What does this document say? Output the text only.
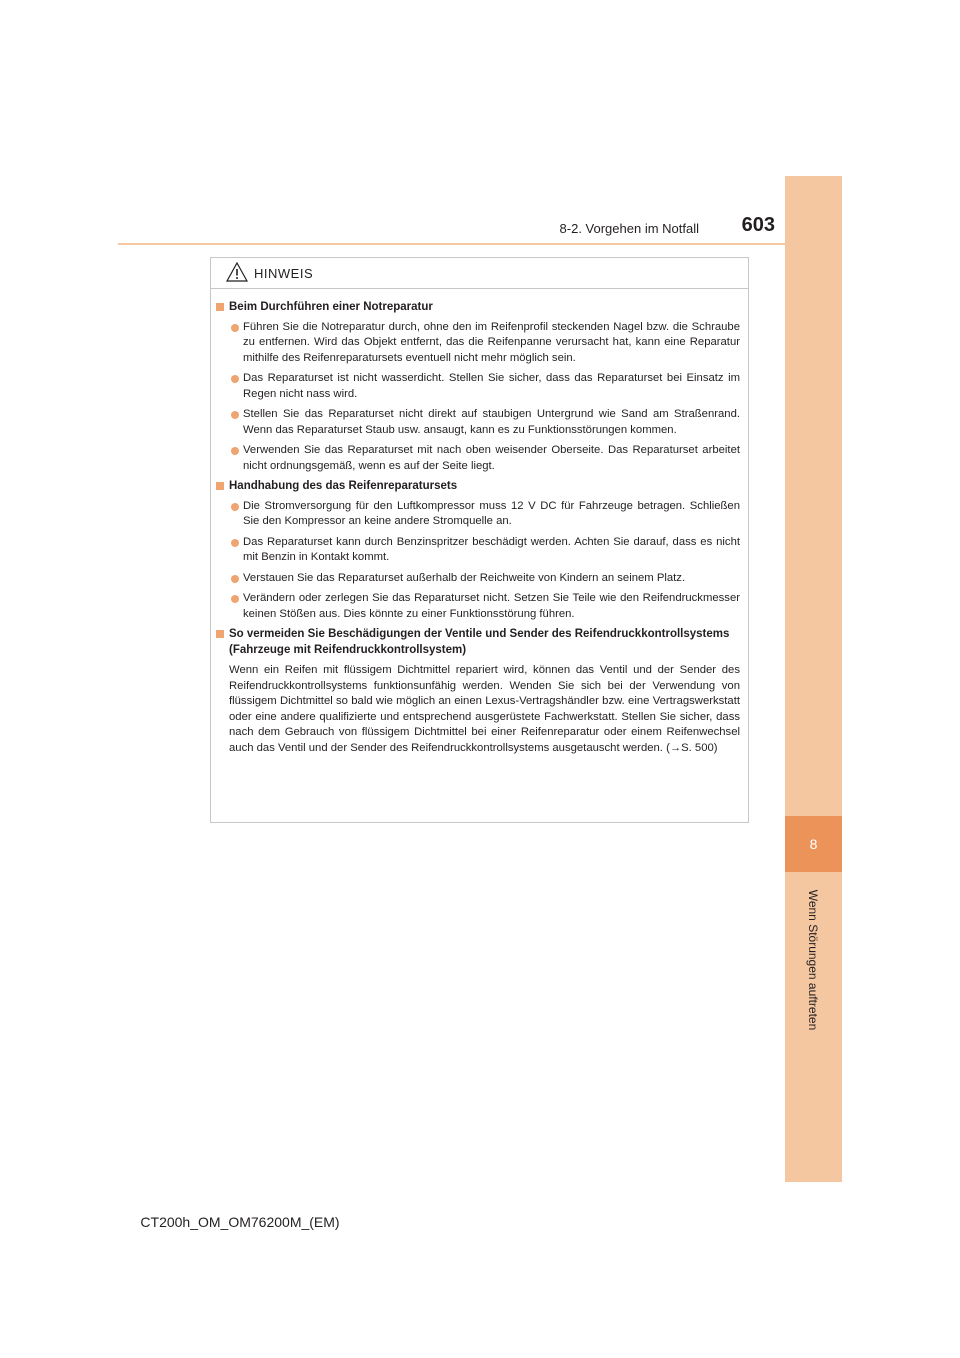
8
Wenn Störungen auftreten
8-2. Vorgehen im Notfall	603
HINWEIS
Beim Durchführen einer Notreparatur
Führen Sie die Notreparatur durch, ohne den im Reifenprofil steckenden Nagel bzw. die Schraube zu entfernen. Wird das Objekt entfernt, das die Reifenpanne verursacht hat, kann eine Reparatur mithilfe des Reifenreparatursets eventuell nicht mehr möglich sein.
Das Reparaturset ist nicht wasserdicht. Stellen Sie sicher, dass das Reparaturset bei Einsatz im Regen nicht nass wird.
Stellen Sie das Reparaturset nicht direkt auf staubigen Untergrund wie Sand am Straßenrand. Wenn das Reparaturset Staub usw. ansaugt, kann es zu Funktionsstörungen kommen.
Verwenden Sie das Reparaturset mit nach oben weisender Oberseite. Das Reparaturset arbeitet nicht ordnungsgemäß, wenn es auf der Seite liegt.
Handhabung des das Reifenreparatursets
Die Stromversorgung für den Luftkompressor muss 12 V DC für Fahrzeuge betragen. Schließen Sie den Kompressor an keine andere Stromquelle an.
Das Reparaturset kann durch Benzinspritzer beschädigt werden. Achten Sie darauf, dass es nicht mit Benzin in Kontakt kommt.
Verstauen Sie das Reparaturset außerhalb der Reichweite von Kindern an seinem Platz.
Verändern oder zerlegen Sie das Reparaturset nicht. Setzen Sie Teile wie den Reifendruckmesser keinen Stößen aus. Dies könnte zu einer Funktionsstörung führen.
So vermeiden Sie Beschädigungen der Ventile und Sender des Reifendruckkontrollsystems (Fahrzeuge mit Reifendruckkontrollsystem)
Wenn ein Reifen mit flüssigem Dichtmittel repariert wird, können das Ventil und der Sender des Reifendruckkontrollsystems funktionsunfähig werden. Wenden Sie sich bei der Verwendung von flüssigem Dichtmittel so bald wie möglich an einen Lexus-Vertragshändler bzw. eine Vertragswerkstatt oder eine andere qualifizierte und entsprechend ausgerüstete Fachwerkstatt. Stellen Sie sicher, dass nach dem Gebrauch von flüssigem Dichtmittel bei einer Reifenreparatur oder einem Reifenwechsel auch das Ventil und der Sender des Reifendruckkontrollsystems ausgetauscht werden. (→S. 500)
CT200h_OM_OM76200M_(EM)
